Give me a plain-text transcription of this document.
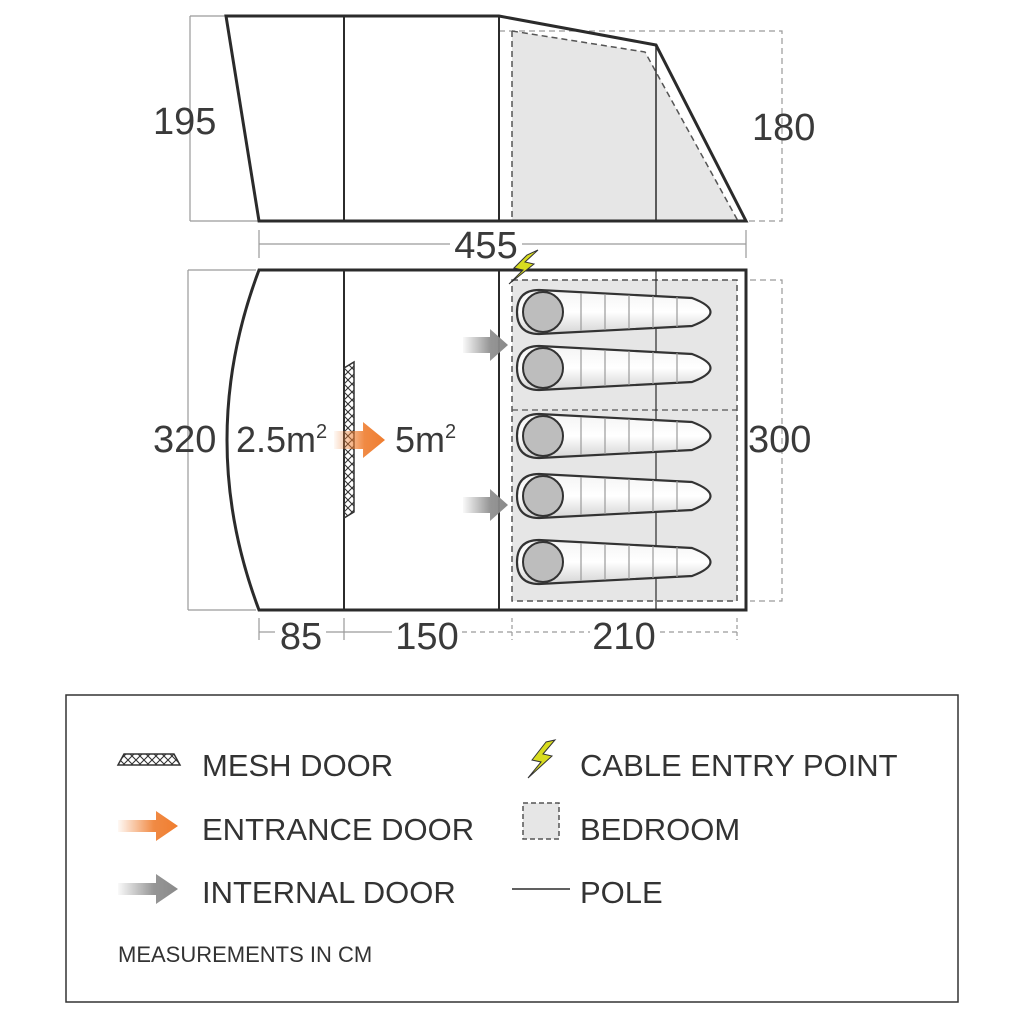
195	180
455
320	300
$2.5m^2$ $5m^2$
85 150	210
MESH DOOR
ENTRANCE DOOR
INTERNAL DOOR
MEASUREMENTS IN CM
CABLE ENTRY POINT
BEDROOM
POLE
